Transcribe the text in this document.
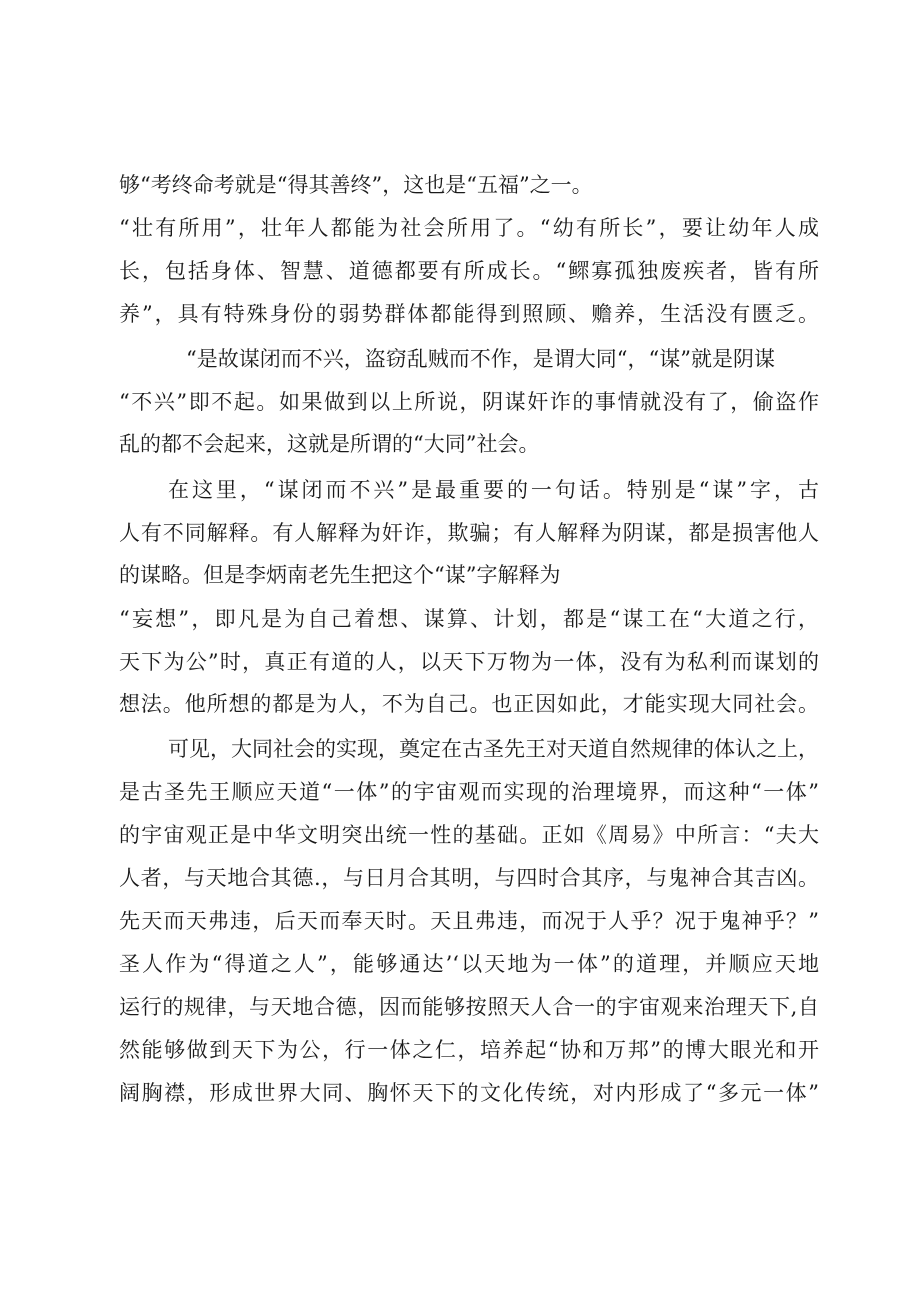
够“考终命考就是“得其善终”，这也是“五福”之一。
“壮有所用”，壮年人都能为社会所用了。“幼有所长”，要让幼年人成
长，包括身体、智慧、道德都要有所成长。“鳏寡孤独废疾者，皆有所
养”，具有特殊身份的弱势群体都能得到照顾、赡养，生活没有匮乏。
“是故谋闭而不兴，盗窃乱贼而不作，是谓大同“，“谋”就是阴谋
“不兴”即不起。如果做到以上所说，阴谋奸诈的事情就没有了，偷盗作
乱的都不会起来，这就是所谓的“大同”社会。
在这里，“谋闭而不兴”是最重要的一句话。特别是“谋”字，古
人有不同解释。有人解释为奸诈，欺骗；有人解释为阴谋，都是损害他人
的谋略。但是李炳南老先生把这个“谋”字解释为
“妄想”，即凡是为自己着想、谋算、计划，都是“谋工在“大道之行，
天下为公”时，真正有道的人，以天下万物为一体，没有为私利而谋划的
想法。他所想的都是为人，不为自己。也正因如此，才能实现大同社会。
可见，大同社会的实现，奠定在古圣先王对天道自然规律的体认之上，
是古圣先王顺应天道“一体”的宇宙观而实现的治理境界，而这种“一体”
的宇宙观正是中华文明突出统一性的基础。正如《周易》中所言：“夫大
人者，与天地合其德.，与日月合其明，与四时合其序，与鬼神合其吉凶。
先天而天弗违，后天而奉天时。天且弗违，而况于人乎？况于鬼神乎？”
圣人作为“得道之人”，能够通达’‘以天地为一体”的道理，并顺应天地
运行的规律，与天地合德，因而能够按照天人合一的宇宙观来治理天下,自
然能够做到天下为公，行一体之仁，培养起“协和万邦”的博大眼光和开
阔胸襟，形成世界大同、胸怀天下的文化传统，对内形成了“多元一体”
